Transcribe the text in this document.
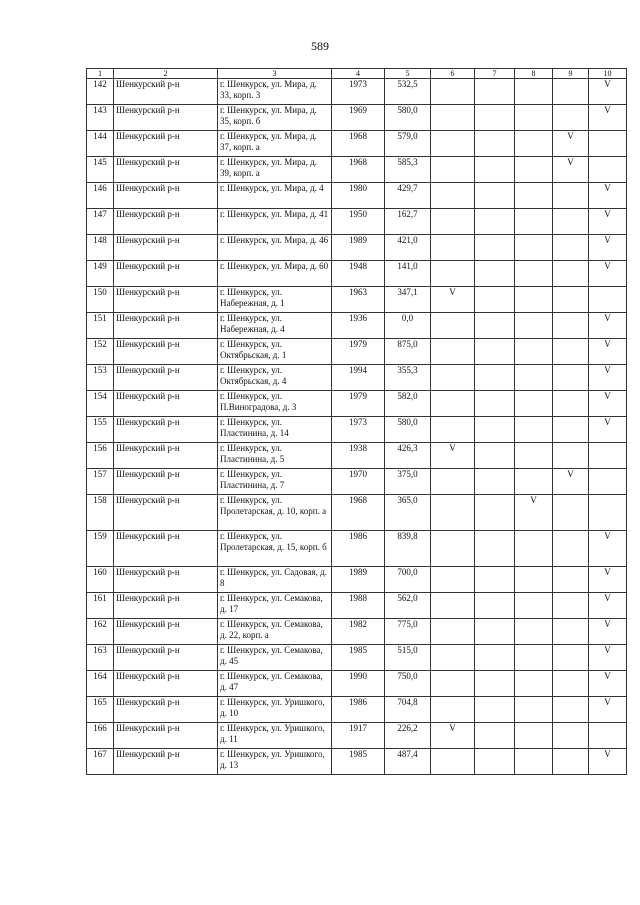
589
1	2	3	4	5	6	7	8	9	10
142	Шенкурский р-н	г. Шенкурск, ул. Мира, д. 33, корп. 3	1973	532,5					V
143	Шенкурский р-н	г. Шенкурск, ул. Мира, д. 35, корп. б	1969	580,0					V
144	Шенкурский р-н	г. Шенкурск, ул. Мира, д. 37, корп. а	1968	579,0				V	
145	Шенкурский р-н	г. Шенкурск, ул. Мира, д. 39, корп. а	1968	585,3				V	
146	Шенкурский р-н	г. Шенкурск, ул. Мира, д. 4	1980	429,7					V
147	Шенкурский р-н	г. Шенкурск, ул. Мира, д. 41	1950	162,7					V
148	Шенкурский р-н	г. Шенкурск, ул. Мира, д. 46	1989	421,0					V
149	Шенкурский р-н	г. Шенкурск, ул. Мира, д. 60	1948	141,0					V
150	Шенкурский р-н	г. Шенкурск, ул. Набережная, д. 1	1963	347,1	V				
151	Шенкурский р-н	г. Шенкурск, ул. Набережная, д. 4	1936	0,0					V
152	Шенкурский р-н	г. Шенкурск, ул. Октябрьская, д. 1	1979	875,0					V
153	Шенкурский р-н	г. Шенкурск, ул. Октябрьская, д. 4	1994	355,3					V
154	Шенкурский р-н	г. Шенкурск, ул. П.Виноградова, д. 3	1979	582,0					V
155	Шенкурский р-н	г. Шенкурск, ул. Пластинина, д. 14	1973	580,0					V
156	Шенкурский р-н	г. Шенкурск, ул. Пластинина, д. 5	1938	426,3	V				
157	Шенкурский р-н	г. Шенкурск, ул. Пластинина, д. 7	1970	375,0				V	
158	Шенкурский р-н	г. Шенкурск, ул. Пролетарская, д. 10, корп. а	1968	365,0			V		
159	Шенкурский р-н	г. Шенкурск, ул. Пролетарская, д. 15, корп. б	1986	839,8					V
160	Шенкурский р-н	г. Шенкурск, ул. Садовая, д. 8	1989	700,0					V
161	Шенкурский р-н	г. Шенкурск, ул. Семакова, д. 17	1988	562,0					V
162	Шенкурский р-н	г. Шенкурск, ул. Семакова, д. 22, корп. а	1982	775,0					V
163	Шенкурский р-н	г. Шенкурск, ул. Семакова, д. 45	1985	515,0					V
164	Шенкурский р-н	г. Шенкурск, ул. Семакова, д. 47	1990	750,0					V
165	Шенкурский р-н	г. Шенкурск, ул. Уришкого, д. 10	1986	704,8					V
166	Шенкурский р-н	г. Шенкурск, ул. Уришкого, д. 11	1917	226,2	V				
167	Шенкурский р-н	г. Шенкурск, ул. Уришкого, д. 13	1985	487,4					V
